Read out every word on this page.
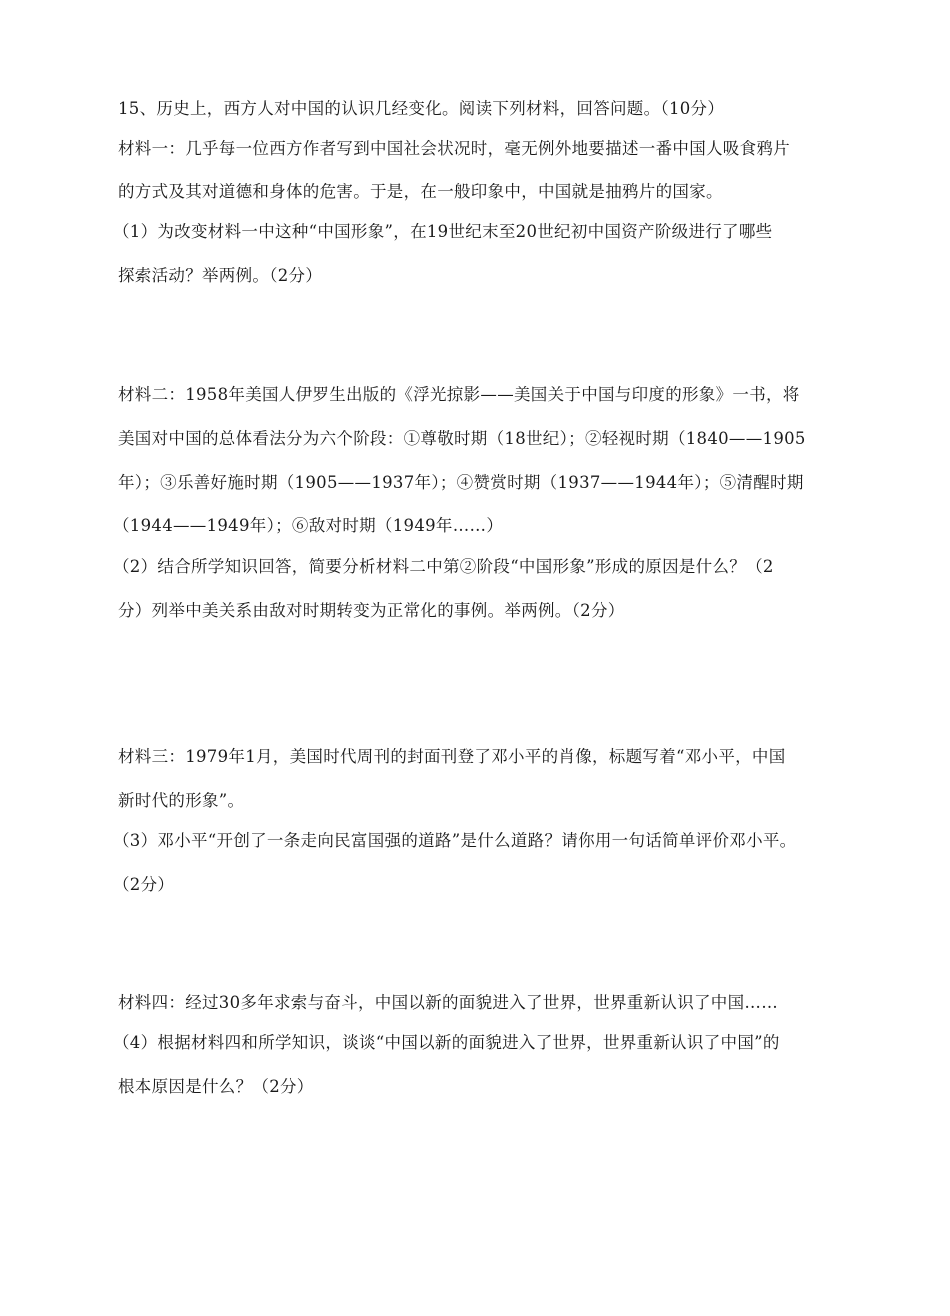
15、历史上，西方人对中国的认识几经变化。阅读下列材料，回答问题。（10分）
材料一：几乎每一位西方作者写到中国社会状况时，毫无例外地要描述一番中国人吸食鸦片
的方式及其对道德和身体的危害。于是，在一般印象中，中国就是抽鸦片的国家。
（1）为改变材料一中这种“中国形象”，在19世纪末至20世纪初中国资产阶级进行了哪些
探索活动？举两例。（2分）
材料二：1958年美国人伊罗生出版的《浮光掠影——美国关于中国与印度的形象》一书，将
美国对中国的总体看法分为六个阶段：①尊敬时期（18世纪）；②轻视时期（1840——1905
年）；③乐善好施时期（1905——1937年）；④赞赏时期（1937——1944年）；⑤清醒时期
（1944——1949年）；⑥敌对时期（1949年……）
（2）结合所学知识回答，简要分析材料二中第②阶段“中国形象”形成的原因是什么？（2
分）列举中美关系由敌对时期转变为正常化的事例。举两例。（2分）
材料三：1979年1月，美国时代周刊的封面刊登了邓小平的肖像，标题写着“邓小平，中国
新时代的形象”。
（3）邓小平“开创了一条走向民富国强的道路”是什么道路？请你用一句话简单评价邓小平。
（2分）
材料四：经过30多年求索与奋斗，中国以新的面貌进入了世界，世界重新认识了中国……
（4）根据材料四和所学知识，谈谈“中国以新的面貌进入了世界，世界重新认识了中国”的
根本原因是什么？（2分）
